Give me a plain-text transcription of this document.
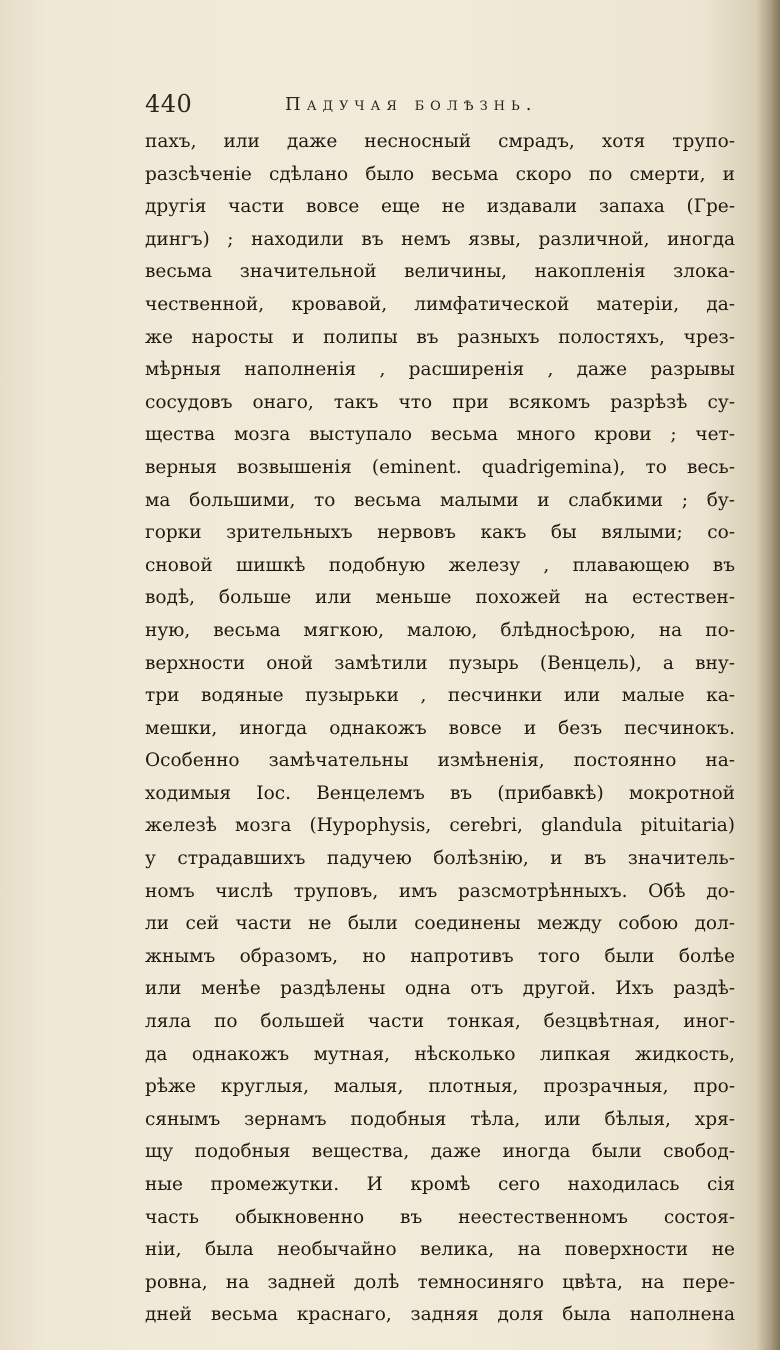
440	Падучая болѣзнь.
пахъ, или даже несносный смрадъ, хотя трупо-
разсѣченіе сдѣлано было весьма скоро по смерти, и
другія части вовсе еще не издавали запаха (Гре-
дингъ) ; находили въ немъ язвы, различной, иногда
весьма значительной величины, накопленія злока-
чественной, кровавой, лимфатической матеріи, да-
же наросты и полипы въ разныхъ полостяхъ, чрез-
мѣрныя наполненія , расширенія , даже разрывы
сосудовъ онаго, такъ что при всякомъ разрѣзѣ су-
щества мозга выступало весьма много крови ; чет-
верныя возвышенія (eminent. quadrigemina), то весь-
ма большими, то весьма малыми и слабкими ; бу-
горки зрительныхъ нервовъ какъ бы вялыми; со-
сновой шишкѣ подобную железу , плавающею въ
водѣ, больше или меньше похожей на естествен-
ную, весьма мягкою, малою, блѣдносѣрою, на по-
верхности оной замѣтили пузырь (Венцель), а вну-
три водяные пузырьки , песчинки или малые ка-
мешки, иногда однакожъ вовсе и безъ песчинокъ.
Особенно замѣчательны измѣненія, постоянно на-
ходимыя Іос. Венцелемъ въ (прибавкѣ) мокротной
железѣ мозга (Hypophysis, cerebri, glandula pituitaria)
у страдавшихъ падучею болѣзнію, и въ значитель-
номъ числѣ труповъ, имъ разсмотрѣнныхъ. Обѣ до-
ли сей части не были соединены между собою дол-
жнымъ образомъ, но напротивъ того были болѣе
или менѣе раздѣлены одна отъ другой. Ихъ раздѣ-
ляла по большей части тонкая, безцвѣтная, иног-
да однакожъ мутная, нѣсколько липкая жидкость,
рѣже круглыя, малыя, плотныя, прозрачныя, про-
сянымъ зернамъ подобныя тѣла, или бѣлыя, хря-
щу подобныя вещества, даже иногда были свобод-
ные промежутки. И кромѣ сего находилась сія
часть обыкновенно въ неестественномъ состоя-
ніи, была необычайно велика, на поверхности не
ровна, на задней долѣ темносиняго цвѣта, на пере-
дней весьма краснаго, задняя доля была наполнена
